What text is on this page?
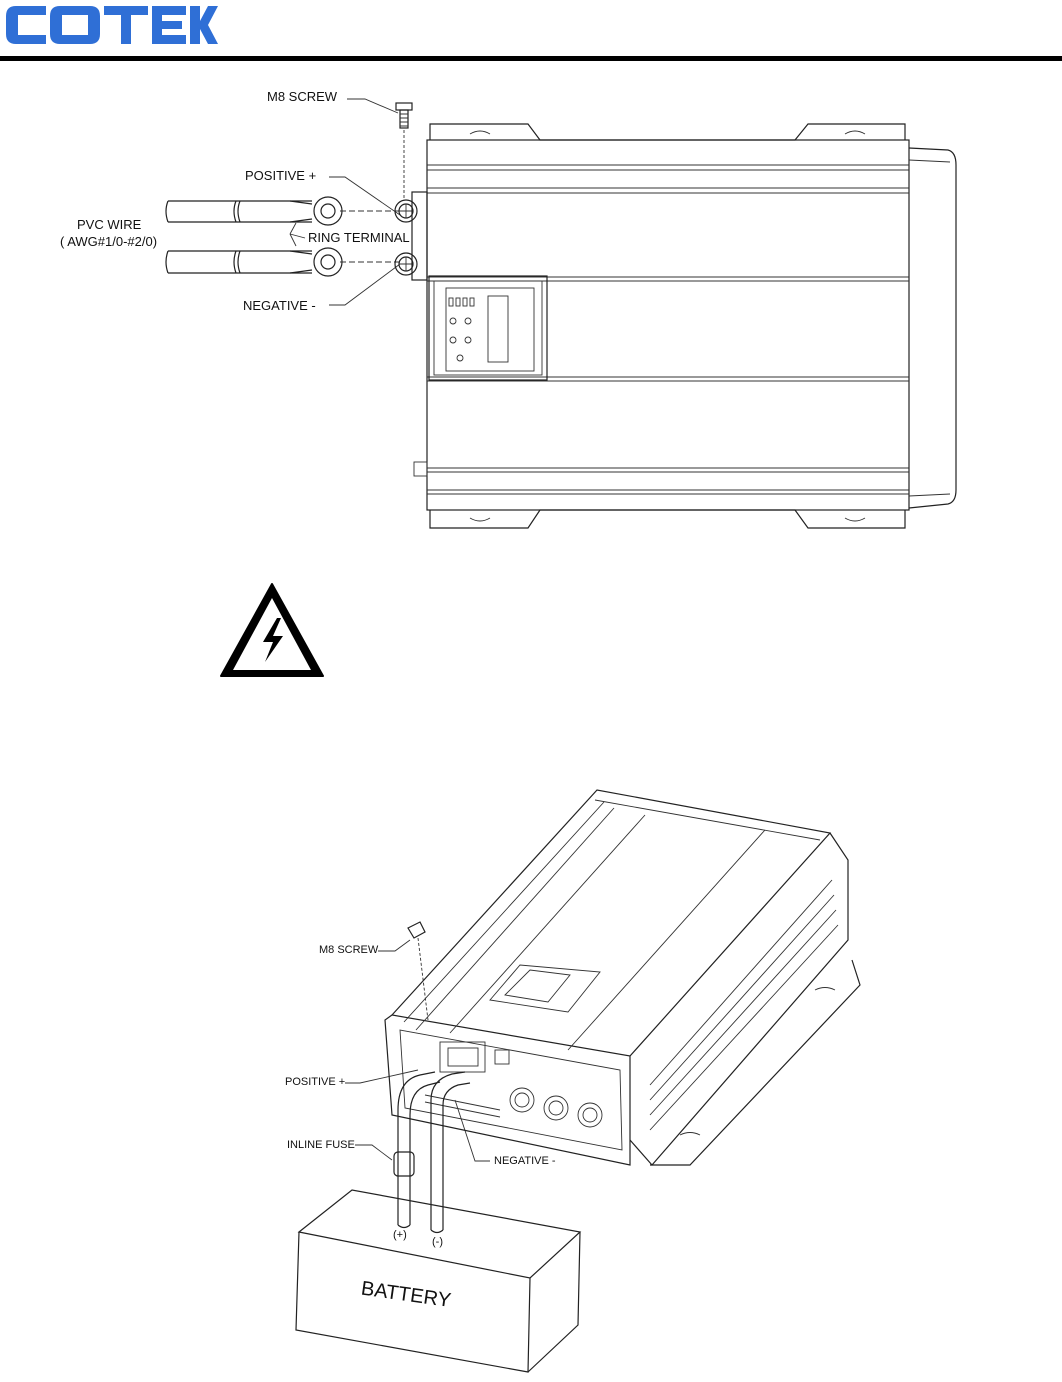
M8 SCREW
POSITIVE +
PVC WIRE
( AWG#1/0-#2/0)	RING TERMINAL
NEGATIVE -
M8 SCREW
POSITIVE +
INLINE FUSE
NEGATIVE -
(+)
(-)
BATTERY
